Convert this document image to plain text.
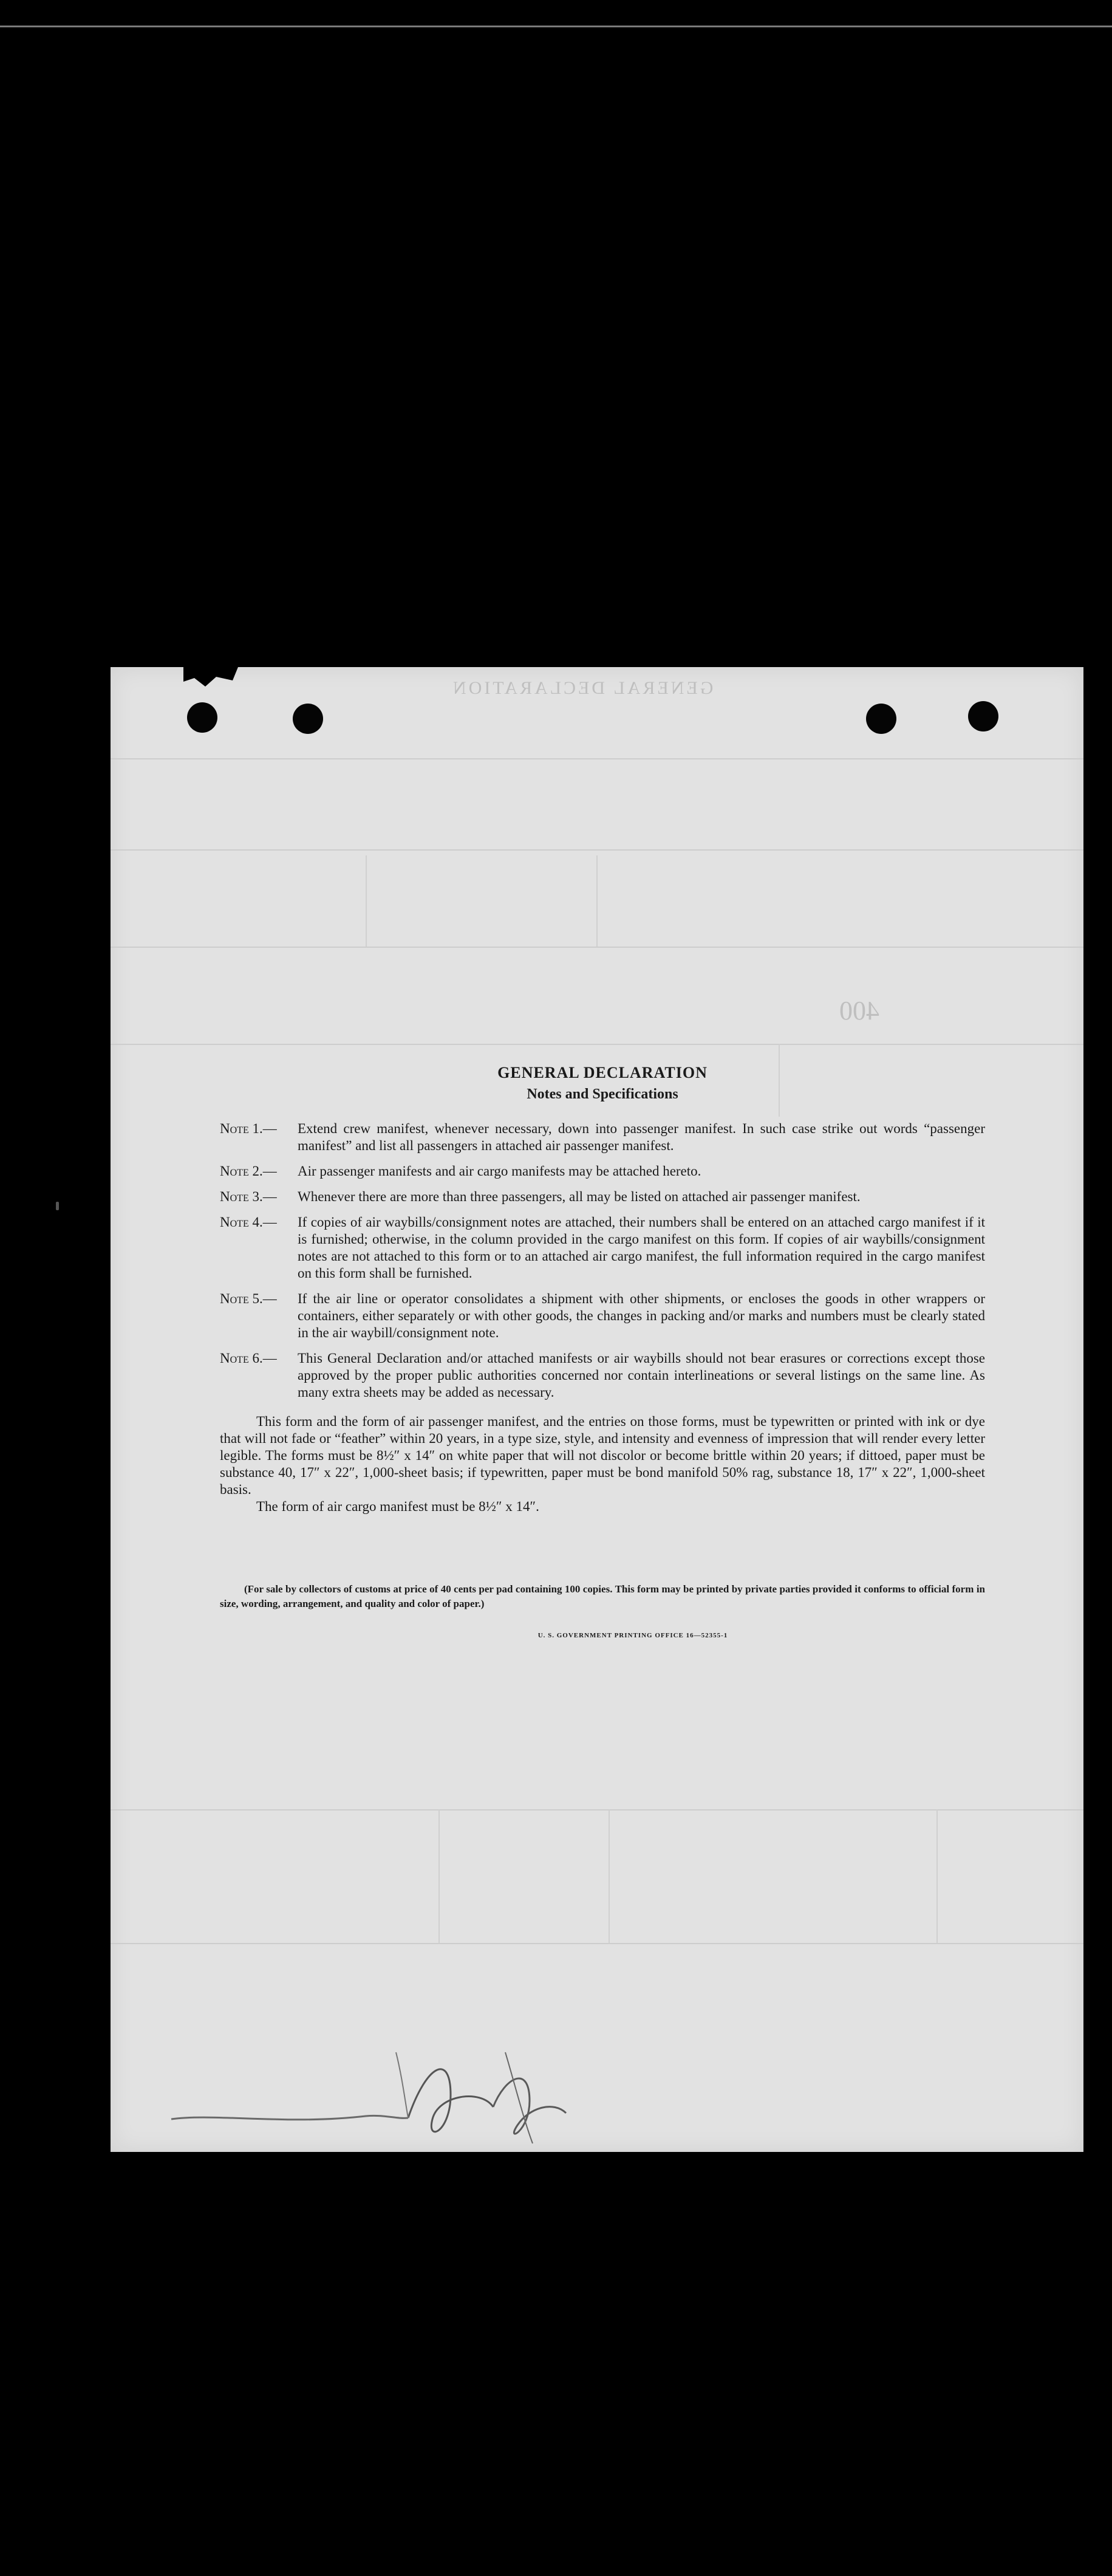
GENERAL DECLARATION
400
GENERAL DECLARATION
Notes and Specifications
Note 1.—	Extend crew manifest, whenever necessary, down into passenger manifest. In such case strike out words “passenger manifest” and list all passengers in attached air passenger manifest.
Note 2.—	Air passenger manifests and air cargo manifests may be attached hereto.
Note 3.—	Whenever there are more than three passengers, all may be listed on attached air passenger manifest.
Note 4.—	If copies of air waybills/consignment notes are attached, their numbers shall be entered on an attached cargo manifest if it is furnished; otherwise, in the column provided in the cargo manifest on this form. If copies of air waybills/consignment notes are not attached to this form or to an attached air cargo manifest, the full information required in the cargo manifest on this form shall be furnished.
Note 5.—	If the air line or operator consolidates a shipment with other shipments, or encloses the goods in other wrappers or containers, either separately or with other goods, the changes in packing and/or marks and numbers must be clearly stated in the air waybill/consignment note.
Note 6.—	This General Declaration and/or attached manifests or air waybills should not bear erasures or corrections except those approved by the proper public authorities concerned nor contain interlineations or several listings on the same line. As many extra sheets may be added as necessary.

This form and the form of air passenger manifest, and the entries on those forms, must be typewritten or printed with ink or dye that will not fade or “feather” within 20 years, in a type size, style, and intensity and evenness of impression that will render every letter legible. The forms must be 8½″ x 14″ on white paper that will not discolor or become brittle within 20 years; if dittoed, paper must be substance 40, 17″ x 22″, 1,000-sheet basis; if typewritten, paper must be bond manifold 50% rag, substance 18, 17″ x 22″, 1,000-sheet basis.

The form of air cargo manifest must be 8½″ x 14″.

(For sale by collectors of customs at price of 40 cents per pad containing 100 copies. This form may be printed by private parties provided it conforms to official form in size, wording, arrangement, and quality and color of paper.)

U. S. GOVERNMENT PRINTING OFFICE 16—52355-1
